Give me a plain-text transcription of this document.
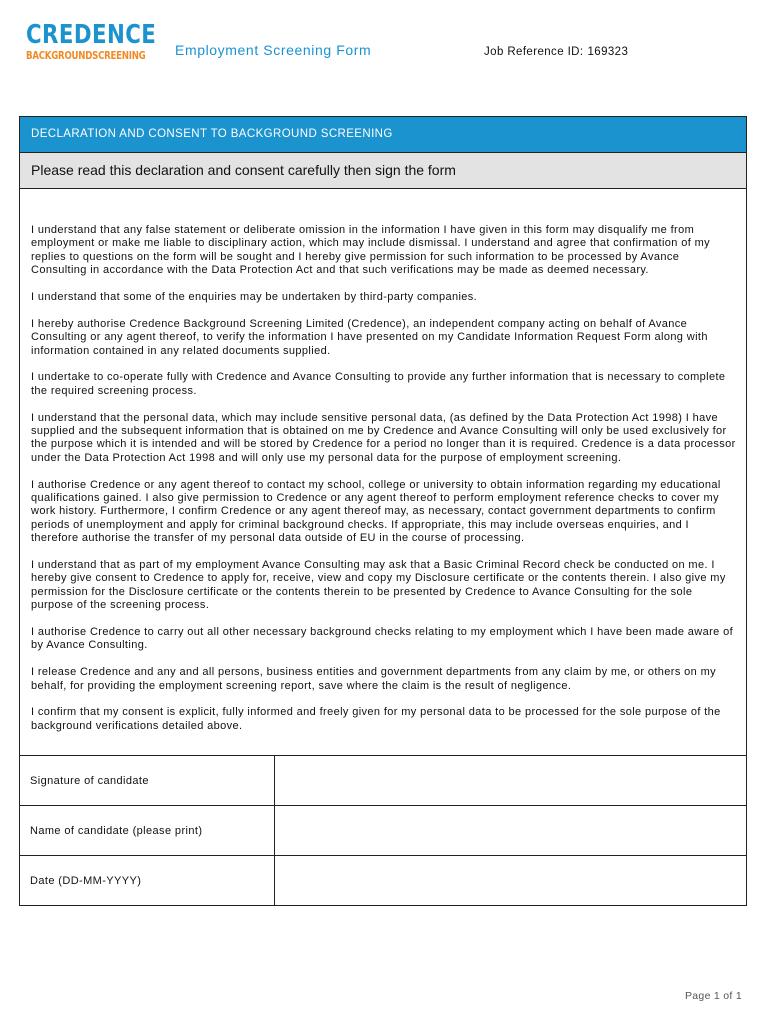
CREDENCE
BACKGROUNDSCREENING	Employment Screening Form	Job Reference ID: 169323
DECLARATION AND CONSENT TO BACKGROUND SCREENING
Please read this declaration and consent carefully then sign the form

I understand that any false statement or deliberate omission in the information I have given in this form may disqualify me from employment or make me liable to disciplinary action, which may include dismissal. I understand and agree that confirmation of my replies to questions on the form will be sought and I hereby give permission for such information to be processed by Avance Consulting in accordance with the Data Protection Act and that such verifications may be made as deemed necessary.

I understand that some of the enquiries may be undertaken by third-party companies.

I hereby authorise Credence Background Screening Limited (Credence), an independent company acting on behalf of Avance Consulting or any agent thereof, to verify the information I have presented on my Candidate Information Request Form along with information contained in any related documents supplied.

I undertake to co-operate fully with Credence and Avance Consulting to provide any further information that is necessary to complete the required screening process.

I understand that the personal data, which may include sensitive personal data, (as defined by the Data Protection Act 1998) I have supplied and the subsequent information that is obtained on me by Credence and Avance Consulting will only be used exclusively for the purpose which it is intended and will be stored by Credence for a period no longer than it is required. Credence is a data processor under the Data Protection Act 1998 and will only use my personal data for the purpose of employment screening.

I authorise Credence or any agent thereof to contact my school, college or university to obtain information regarding my educational qualifications gained. I also give permission to Credence or any agent thereof to perform employment reference checks to cover my work history. Furthermore, I confirm Credence or any agent thereof may, as necessary, contact government departments to confirm periods of unemployment and apply for criminal background checks. If appropriate, this may include overseas enquiries, and I therefore authorise the transfer of my personal data outside of EU in the course of processing.

I understand that as part of my employment Avance Consulting may ask that a Basic Criminal Record check be conducted on me. I hereby give consent to Credence to apply for, receive, view and copy my Disclosure certificate or the contents therein. I also give my permission for the Disclosure certificate or the contents therein to be presented by Credence to Avance Consulting for the sole purpose of the screening process.

I authorise Credence to carry out all other necessary background checks relating to my employment which I have been made aware of by Avance Consulting.

I release Credence and any and all persons, business entities and government departments from any claim by me, or others on my behalf, for providing the employment screening report, save where the claim is the result of negligence.

I confirm that my consent is explicit, fully informed and freely given for my personal data to be processed for the sole purpose of the background verifications detailed above.

Signature of candidate	
Name of candidate (please print)	
Date (DD-MM-YYYY)	
Page 1 of 1
